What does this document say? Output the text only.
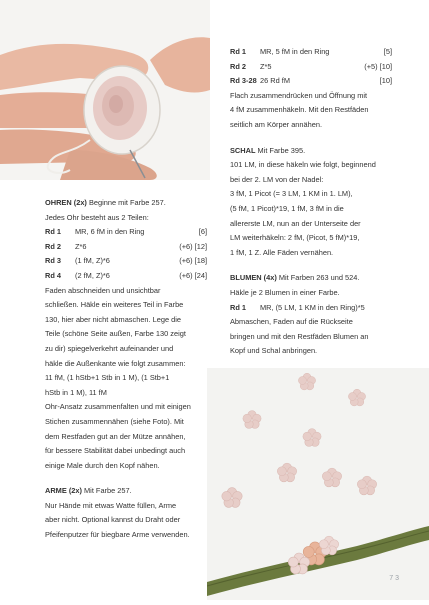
OHREN (2x) Beginne mit Farbe 257.
Jedes Ohr besteht aus 2 Teilen:
Rd 1 MR, 6 fM in den Ring	[6]
Rd 2 Z*6	(+6) [12]
Rd 3 (1 fM, Z)*6	(+6) [18]
Rd 4 (2 fM, Z)*6	(+6) [24]
Faden abschneiden und unsichtbar
schließen. Häkle ein weiteres Teil in Farbe
130, hier aber nicht abmaschen. Lege die
Teile (schöne Seite außen, Farbe 130 zeigt
zu dir) spiegelverkehrt aufeinander und
häkle die Außenkante wie folgt zusammen:
11 fM, (1 hStb+1 Stb in 1 M), (1 Stb+1
hStb in 1 M), 11 fM
Ohr-Ansatz zusammenfalten und mit einigen
Stichen zusammennähen (siehe Foto). Mit
dem Restfaden gut an der Mütze annähen,
für bessere Stabilität dabei unbedingt auch
einige Male durch den Kopf nähen.
ARME (2x) Mit Farbe 257.
Nur Hände mit etwas Watte füllen, Arme
aber nicht. Optional kannst du Draht oder
Pfeifenputzer für biegbare Arme verwenden.
Rd 1 MR, 5 fM in den Ring	[5]
Rd 2 Z*5	(+5) [10]
Rd 3-28 26 Rd fM	[10]
Flach zusammendrücken und Öffnung mit
4 fM zusammenhäkeln. Mit den Restfäden
seitlich am Körper annähen.
SCHAL Mit Farbe 395.
101 LM, in diese häkeln wie folgt, beginnend
bei der 2. LM von der Nadel:
3 fM, 1 Picot (= 3 LM, 1 KM in 1. LM),
(5 fM, 1 Picot)*19, 1 fM, 3 fM in die
allererste LM, nun an der Unterseite der
LM weiterhäkeln: 2 fM, (Picot, 5 fM)*19,
1 fM, 1 Z. Alle Fäden vernähen.
BLUMEN (4x) Mit Farben 263 und 524.
Häkle je 2 Blumen in einer Farbe.
Rd 1 MR, (5 LM, 1 KM in den Ring)*5
Abmaschen, Faden auf die Rückseite
bringen und mit den Restfäden Blumen an
Kopf und Schal anbringen.
7 3
